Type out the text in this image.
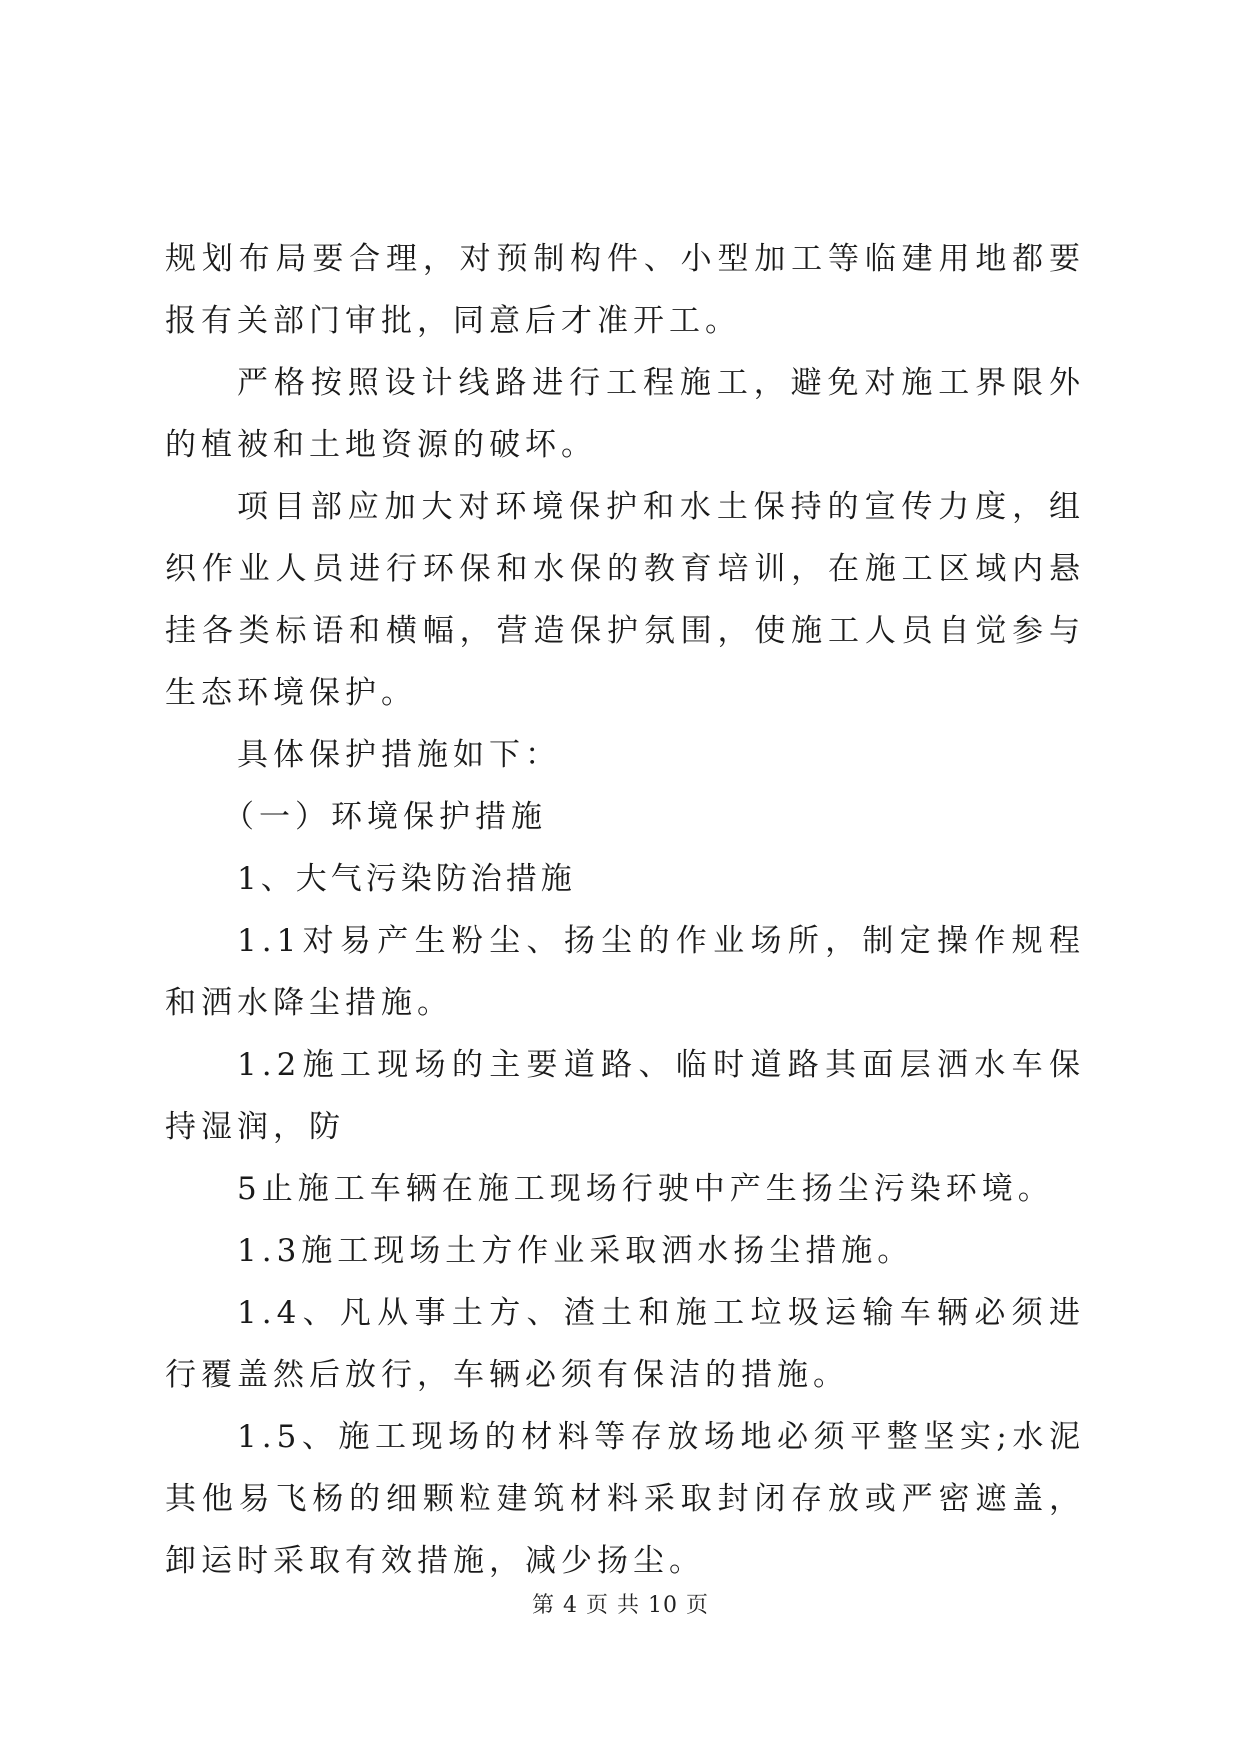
规划布局要合理，对预制构件、小型加工等临建用地都要报有关部门审批，同意后才准开工。

严格按照设计线路进行工程施工，避免对施工界限外的植被和土地资源的破坏。

项目部应加大对环境保护和水土保持的宣传力度，组织作业人员进行环保和水保的教育培训，在施工区域内悬挂各类标语和横幅，营造保护氛围，使施工人员自觉参与生态环境保护。

具体保护措施如下：

（一）环境保护措施

1、大气污染防治措施

1.1对易产生粉尘、扬尘的作业场所，制定操作规程和洒水降尘措施。

1.2施工现场的主要道路、临时道路其面层洒水车保持湿润，防

5止施工车辆在施工现场行驶中产生扬尘污染环境。

1.3施工现场土方作业采取洒水扬尘措施。

1.4、凡从事土方、渣土和施工垃圾运输车辆必须进行覆盖然后放行，车辆必须有保洁的措施。

1.5、施工现场的材料等存放场地必须平整坚实;水泥其他易飞杨的细颗粒建筑材料采取封闭存放或严密遮盖，卸运时采取有效措施，减少扬尘。

第 4 页 共 10 页
